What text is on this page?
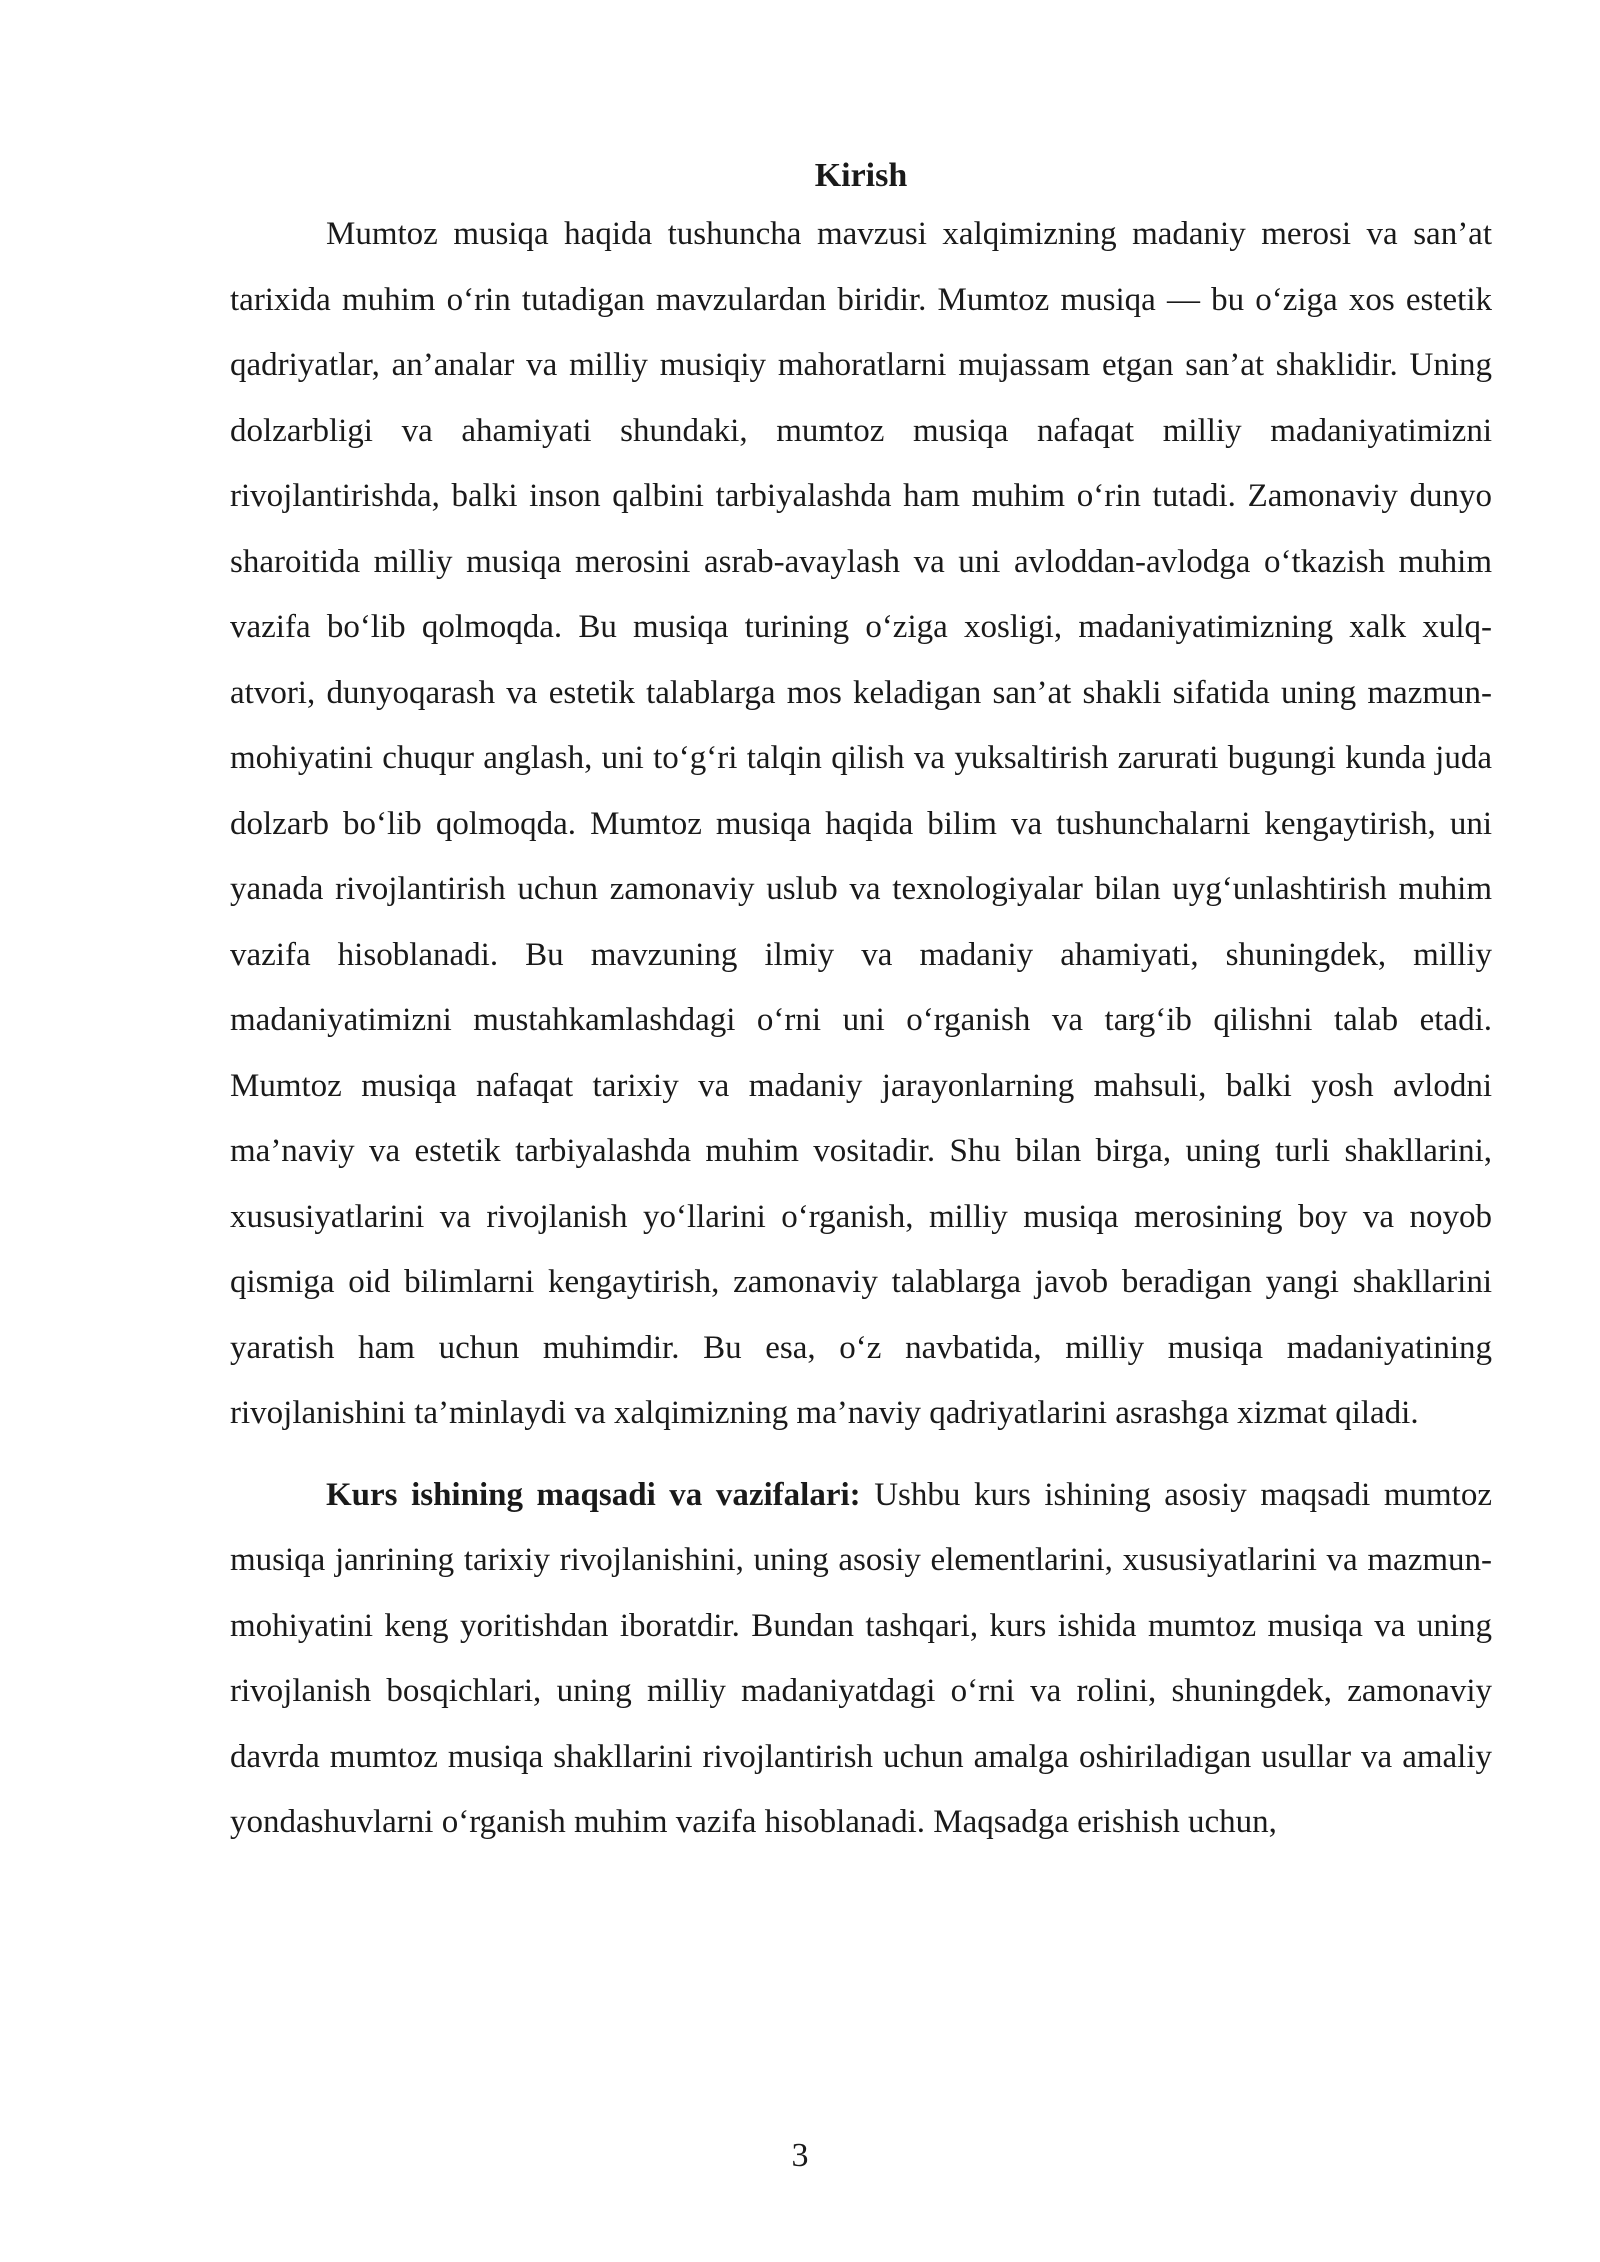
Kirish

Mumtoz musiqa haqida tushuncha mavzusi xalqimizning madaniy merosi va san’at tarixida muhim o‘rin tutadigan mavzulardan biridir. Mumtoz musiqa — bu o‘ziga xos estetik qadriyatlar, an’analar va milliy musiqiy mahoratlarni mujassam etgan san’at shaklidir. Uning dolzarbligi va ahamiyati shundaki, mumtoz musiqa nafaqat milliy madaniyatimizni rivojlantirishda, balki inson qalbini tarbiyalashda ham muhim o‘rin tutadi. Zamonaviy dunyo sharoitida milliy musiqa merosini asrab-avaylash va uni avloddan-avlodga o‘tkazish muhim vazifa bo‘lib qolmoqda. Bu musiqa turining o‘ziga xosligi, madaniyatimizning xalk xulq-atvori, dunyoqarash va estetik talablarga mos keladigan san’at shakli sifatida uning mazmun-mohiyatini chuqur anglash, uni to‘g‘ri talqin qilish va yuksaltirish zarurati bugungi kunda juda dolzarb bo‘lib qolmoqda. Mumtoz musiqa haqida bilim va tushunchalarni kengaytirish, uni yanada rivojlantirish uchun zamonaviy uslub va texnologiyalar bilan uyg‘unlashtirish muhim vazifa hisoblanadi. Bu mavzuning ilmiy va madaniy ahamiyati, shuningdek, milliy madaniyatimizni mustahkamlashdagi o‘rni uni o‘rganish va targ‘ib qilishni talab etadi. Mumtoz musiqa nafaqat tarixiy va madaniy jarayonlarning mahsuli, balki yosh avlodni ma’naviy va estetik tarbiyalashda muhim vositadir. Shu bilan birga, uning turli shakllarini, xususiyatlarini va rivojlanish yo‘llarini o‘rganish, milliy musiqa merosining boy va noyob qismiga oid bilimlarni kengaytirish, zamonaviy talablarga javob beradigan yangi shakllarini yaratish ham uchun muhimdir. Bu esa, o‘z navbatida, milliy musiqa madaniyatining rivojlanishini ta’minlaydi va xalqimizning ma’naviy qadriyatlarini asrashga xizmat qiladi.

Kurs ishining maqsadi va vazifalari: Ushbu kurs ishining asosiy maqsadi mumtoz musiqa janrining tarixiy rivojlanishini, uning asosiy elementlarini, xususiyatlarini va mazmun-mohiyatini keng yoritishdan iboratdir. Bundan tashqari, kurs ishida mumtoz musiqa va uning rivojlanish bosqichlari, uning milliy madaniyatdagi o‘rni va rolini, shuningdek, zamonaviy davrda mumtoz musiqa shakllarini rivojlantirish uchun amalga oshiriladigan usullar va amaliy yondashuvlarni o‘rganish muhim vazifa hisoblanadi. Maqsadga erishish uchun,

3
